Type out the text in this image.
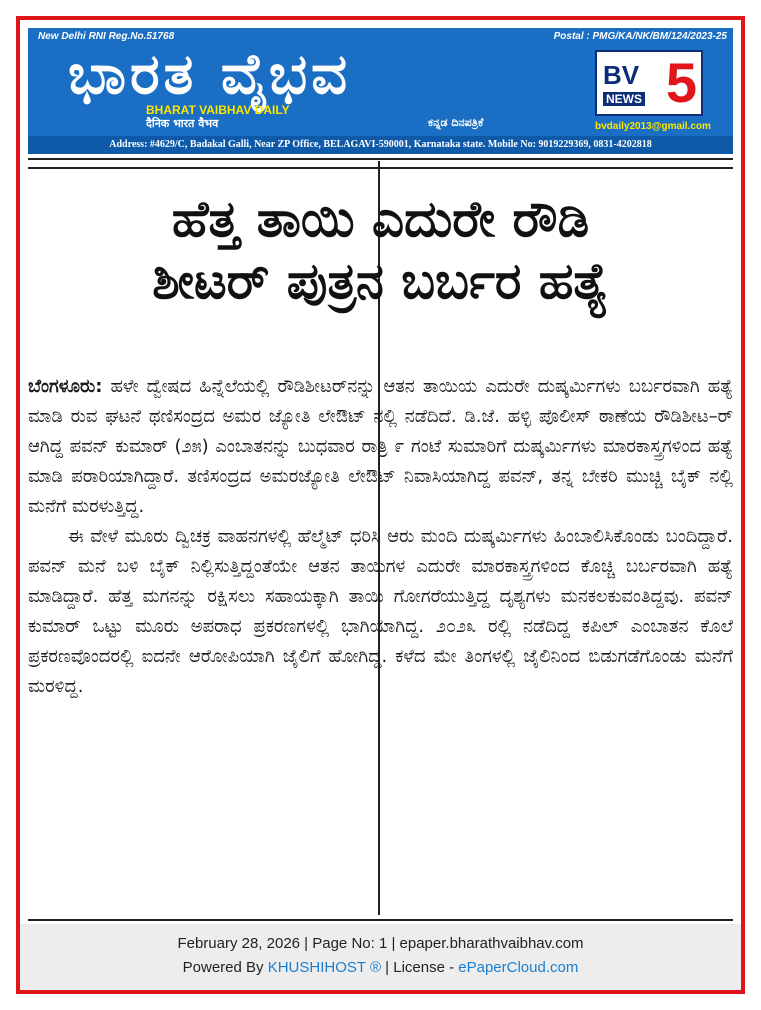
New Delhi RNI Reg.No.51768	Postal : PMG/KA/NK/BM/124/2023-25
ಭಾರತ ವೈಭವ
BHARAT VAIBHAV DAILY
दैनिक भारत वैभव	ಕನ್ನಡ ದಿನಪತ್ರಿಕೆ
BV
NEWS 5
bvdaily2013@gmail.com
Address: #4629/C, Badakal Galli, Near ZP Office, BELAGAVI-590001, Karnataka state. Mobile No: 9019229369, 0831-4202818
ಹೆತ್ತ ತಾಯಿ ಎದುರೇ ರೌಡಿ
ಶೀಟರ್ ಪುತ್ರನ ಬರ್ಬರ ಹತ್ಯೆ

ಬೆಂಗಳೂರು: ಹಳೇ ದ್ವೇಷದ ಹಿನ್ನೆಲೆಯಲ್ಲಿ ರೌಡಿಶೀಟರ್‌ನನ್ನು ಆತನ ತಾಯಿಯ ಎದುರೇ ದುಷ್ಕರ್ಮಿಗಳು ಬರ್ಬರವಾಗಿ ಹತ್ಯೆ ಮಾಡಿ ರುವ ಘಟನೆ ಥಣಿಸಂದ್ರದ ಅಮರ ಜ್ಯೋತಿ ಲೇಔಟ್ ನಲ್ಲಿ ನಡೆದಿದೆ. ಡಿ.ಜೆ. ಹಳ್ಳಿ ಪೊಲೀಸ್ ಠಾಣೆಯ ರೌಡಿಶೀಟ–ರ್ ಆಗಿದ್ದ ಪವನ್ ಕುಮಾರ್ (೨೫) ಎಂಬಾತನನ್ನು ಬುಧವಾರ ರಾತ್ರಿ ೯ ಗಂಟೆ ಸುಮಾರಿಗೆ ದುಷ್ಕರ್ಮಿಗಳು ಮಾರಕಾಸ್ತ್ರಗಳಿಂದ ಹತ್ಯೆ ಮಾಡಿ ಪರಾರಿಯಾಗಿದ್ದಾರೆ. ತಣಿಸಂದ್ರದ ಅಮರಜ್ಯೋತಿ ಲೇಔಟ್ ನಿವಾಸಿಯಾಗಿದ್ದ ಪವನ್, ತನ್ನ ಬೇಕರಿ ಮುಚ್ಚಿ ಬೈಕ್ ನಲ್ಲಿ ಮನೆಗೆ ಮರಳುತ್ತಿದ್ದ.

ಈ ವೇಳೆ ಮೂರು ದ್ವಿಚಕ್ರ ವಾಹನಗಳಲ್ಲಿ ಹೆಲ್ಮೆಟ್ ಧರಿಸಿ ಆರು ಮಂದಿ ದುಷ್ಕರ್ಮಿಗಳು ಹಿಂಬಾಲಿಸಿಕೊಂಡು ಬಂದಿದ್ದಾರೆ. ಪವನ್ ಮನೆ ಬಳಿ ಬೈಕ್ ನಿಲ್ಲಿಸುತ್ತಿದ್ದಂತೆಯೇ ಆತನ ತಾಯಿಗಳ ಎದುರೇ ಮಾರಕಾಸ್ತ್ರಗಳಿಂದ ಕೊಚ್ಚಿ ಬರ್ಬರವಾಗಿ ಹತ್ಯೆ ಮಾಡಿದ್ದಾರೆ. ಹೆತ್ತ ಮಗನನ್ನು ರಕ್ಷಿಸಲು ಸಹಾಯಕ್ಕಾಗಿ ತಾಯಿ ಗೋಗರೆಯುತ್ತಿದ್ದ ದೃಶ್ಯಗಳು ಮನಕಲಕುವಂತಿದ್ದವು. ಪವನ್ ಕುಮಾರ್ ಒಟ್ಟು ಮೂರು ಅಪರಾಧ ಪ್ರಕರಣಗಳಲ್ಲಿ ಭಾಗಿಯಾಗಿದ್ದ. ೨೦೨೩ ರಲ್ಲಿ ನಡೆದಿದ್ದ ಕಪಿಲ್ ಎಂಬಾತನ ಕೊಲೆ ಪ್ರಕರಣವೊಂದರಲ್ಲಿ ಐದನೇ ಆರೋಪಿಯಾಗಿ ಜೈಲಿಗೆ ಹೋಗಿದ್ದ. ಕಳೆದ ಮೇ ತಿಂಗಳಲ್ಲಿ ಜೈಲಿನಿಂದ ಬಿಡುಗಡೆಗೊಂಡು ಮನೆಗೆ ಮರಳಿದ್ದ.

February 28, 2026 | Page No: 1 | epaper.bharathvaibhav.com
Powered By KHUSHIHOST ® | License - ePaperCloud.com
